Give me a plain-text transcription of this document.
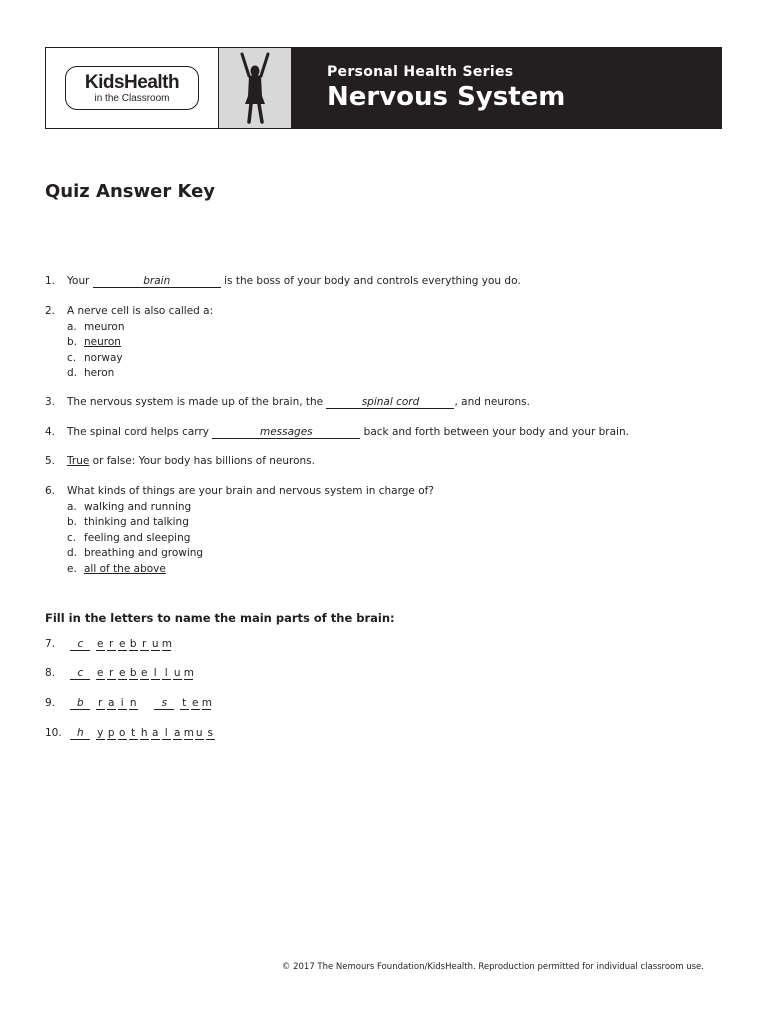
KidsHealth
in the Classroom
Personal Health Series
Nervous System
Quiz Answer Key
1. Your	brain	is the boss of your body and controls everything you do.
2. A nerve cell is also called a:
a. meuron
b. neuron
c. norway
d. heron
3. The nervous system is made up of the brain, the	spinal cord	, and neurons.
4. The spinal cord helps carry	messages	back and forth between your body and your brain.
5. True or false: Your body has billions of neurons.
6. What kinds of things are your brain and nervous system in charge of?
a. walking and running
b. thinking and talking
c. feeling and sleeping
d. breathing and growing
e. all of the above
Fill in the letters to name the main parts of the brain:
7. c e r e b r u m
8. c e r e b e l l u m
9. b r a i n s t e m
10. h y p o t h a l a m u s
© 2017 The Nemours Foundation/KidsHealth. Reproduction permitted for individual classroom use.
